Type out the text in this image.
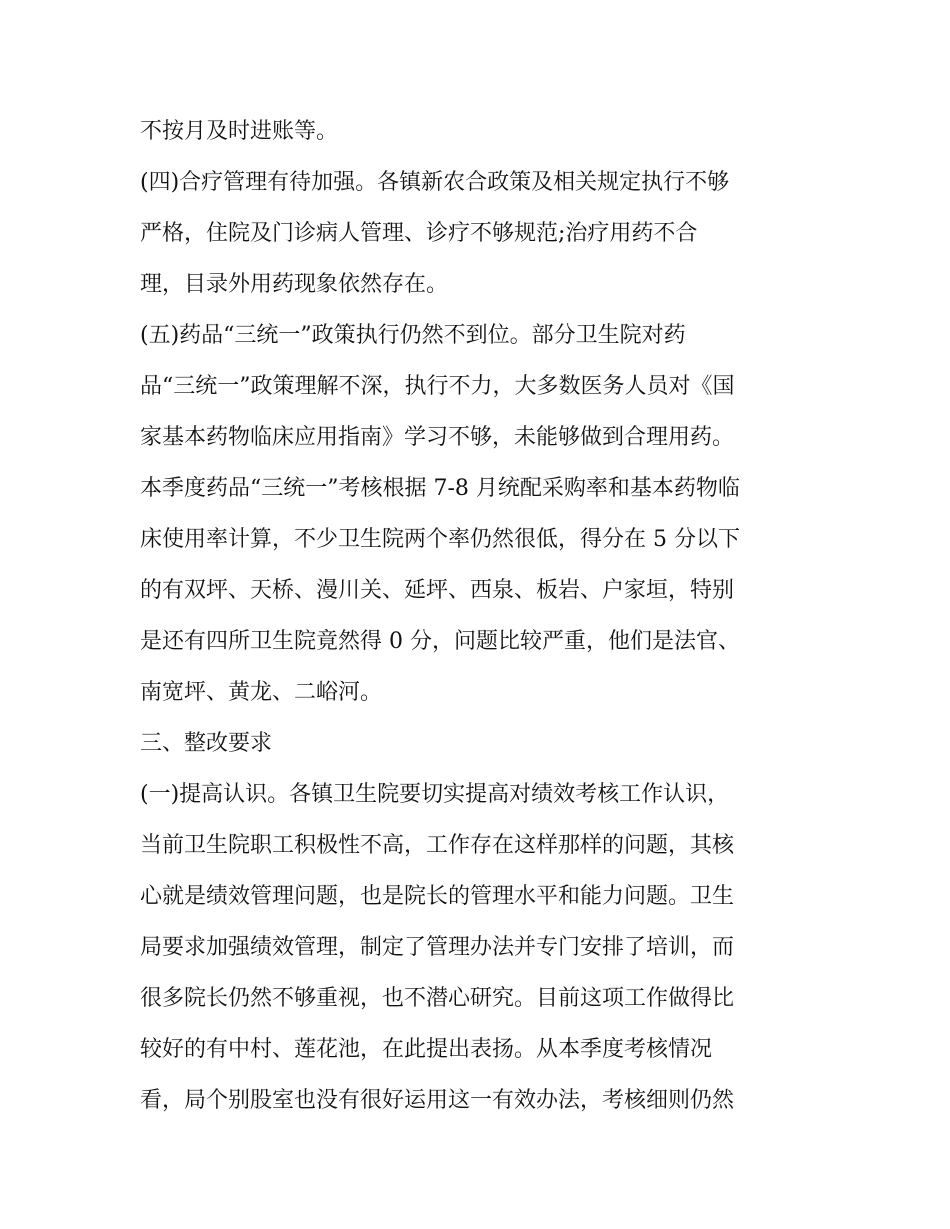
不按月及时进账等。
(四)合疗管理有待加强。各镇新农合政策及相关规定执行不够
严格，住院及门诊病人管理、诊疗不够规范;治疗用药不合
理，目录外用药现象依然存在。
(五)药品“三统一”政策执行仍然不到位。部分卫生院对药
品“三统一”政策理解不深，执行不力，大多数医务人员对《国
家基本药物临床应用指南》学习不够，未能够做到合理用药。
本季度药品“三统一”考核根据 7-8 月统配采购率和基本药物临
床使用率计算，不少卫生院两个率仍然很低，得分在 5 分以下
的有双坪、天桥、漫川关、延坪、西泉、板岩、户家垣，特别
是还有四所卫生院竟然得 0 分，问题比较严重，他们是法官、
南宽坪、黄龙、二峪河。
三、整改要求
(一)提高认识。各镇卫生院要切实提高对绩效考核工作认识，
当前卫生院职工积极性不高，工作存在这样那样的问题，其核
心就是绩效管理问题，也是院长的管理水平和能力问题。卫生
局要求加强绩效管理，制定了管理办法并专门安排了培训，而
很多院长仍然不够重视，也不潜心研究。目前这项工作做得比
较好的有中村、莲花池，在此提出表扬。从本季度考核情况
看，局个别股室也没有很好运用这一有效办法，考核细则仍然
